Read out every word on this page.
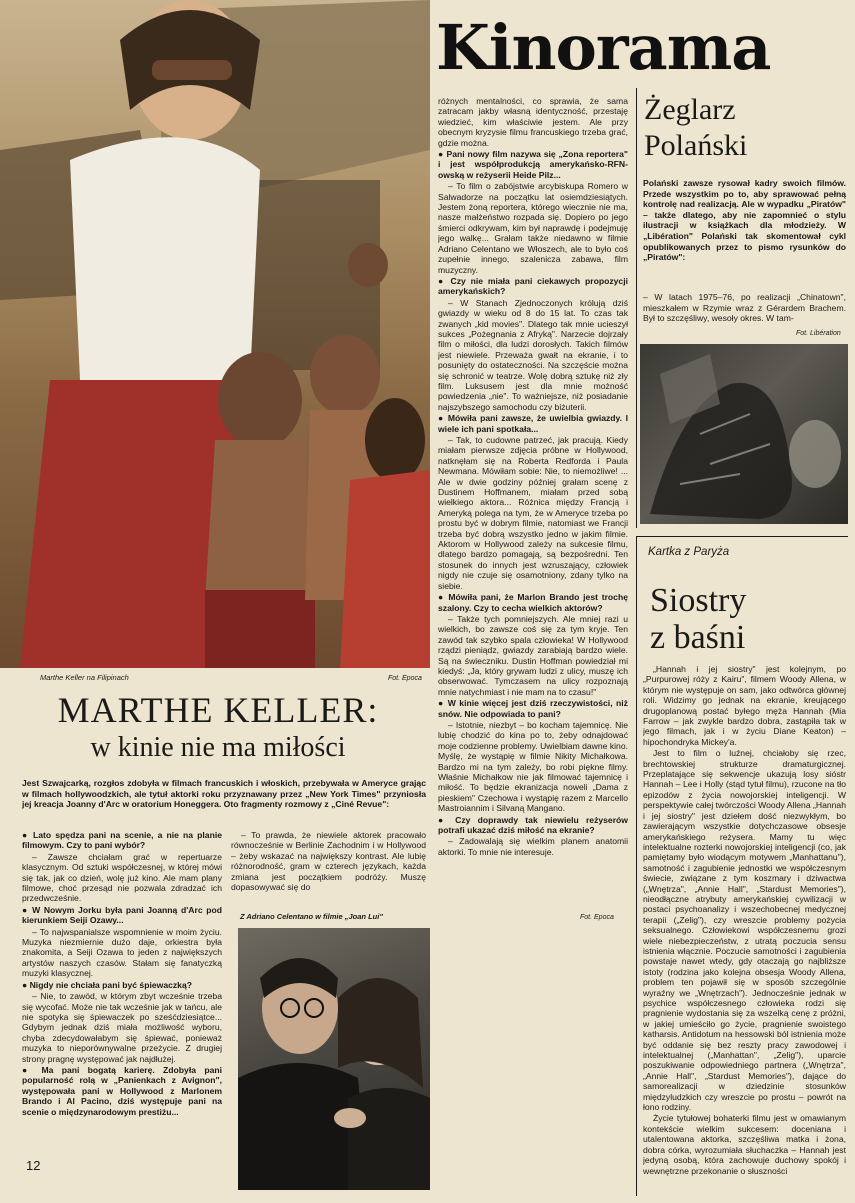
Marthe Keller na Filipinach	Fot. Epoca
Kinorama
MARTHE KELLER:
w kinie nie ma miłości
Jest Szwajcarką, rozgłos zdobyła w filmach francuskich i włoskich, przebywała w Ameryce grając w filmach hollywoodzkich, ale tytuł aktorki roku przyznawany przez „New York Times" przyniosła jej kreacja Joanny d'Arc w oratorium Honeggera. Oto fragmenty rozmowy z „Ciné Revue":

● Lato spędza pani na scenie, a nie na planie filmowym. Czy to pani wybór?

– Zawsze chciałam grać w repertuarze klasycznym. Od sztuki współczesnej, w której mówi się tak, jak co dzień, wolę już kino. Ale mam plany filmowe, choć przesąd nie pozwala zdradzać ich przedwcześnie.

● W Nowym Jorku była pani Joanną d'Arc pod kierunkiem Seiji Ozawy...

– To najwspanialsze wspomnienie w moim życiu. Muzyka niezmiernie dużo daje, orkiestra była znakomita, a Seiji Ozawa to jeden z największych artystów naszych czasów. Stałam się fanatyczką muzyki klasycznej.

● Nigdy nie chciała pani być śpiewaczką?

– Nie, to zawód, w którym zbyt wcześnie trzeba się wycofać. Może nie tak wcześnie jak w tańcu, ale nie spotyka się śpiewaczek po sześćdziesiątce... Gdybym jednak dziś miała możliwość wyboru, chyba zdecydowałabym się śpiewać, ponieważ muzyka to nieporównywalne przeżycie. Z drugiej strony pragnę występować jak najdłużej.

● Ma pani bogatą karierę. Zdobyła pani popularność rolą w „Panienkach z Avignon", występowała pani w Hollywood z Marlonem Brando i Al Pacino, dziś występuje pani na scenie o międzynarodowym prestiżu...

– To prawda, że niewiele aktorek pracowało równocześnie w Berlinie Zachodnim i w Hollywood – żeby wskazać na największy kontrast. Ale lubię różnorodność, gram w czterech językach, każda zmiana jest początkiem podróży. Muszę dopasowywać się do

Z Adriano Celentano w filmie „Joan Lui"

różnych mentalności, co sprawia, że sama zatracam jakby własną identyczność, przestaję wiedzieć, kim właściwie jestem. Ale przy obecnym kryzysie filmu francuskiego trzeba grać, gdzie można.

● Pani nowy film nazywa się „Zona reportera" i jest współprodukcją amerykańsko-RFN-owską w reżyserii Heide Pilz...

– To film o zabójstwie arcybiskupa Romero w Salwadorze na początku lat osiemdziesiątych. Jestem żoną reportera, którego wiecznie nie ma, nasze małżeństwo rozpada się. Dopiero po jego śmierci odkrywam, kim był naprawdę i podejmuję jego walkę... Grałam także niedawno w filmie Adriano Celentano we Włoszech, ale to było coś zupełnie innego, szalenicza zabawa, film muzyczny.

● Czy nie miała pani ciekawych propozycji amerykańskich?

– W Stanach Zjednoczonych królują dziś gwiazdy w wieku od 8 do 15 lat. To czas tak zwanych „kid movies". Dlatego tak mnie ucieszył sukces „Pożegnania z Afryką". Narzecie dojrzały film o miłości, dla ludzi dorosłych. Takich filmów jest niewiele. Przeważa gwałt na ekranie, i to posunięty do ostateczności. Na szczęście można się schronić w teatrze. Wolę dobrą sztukę niż zły film. Luksusem jest dla mnie możność powiedzenia „nie". To ważniejsze, niż posiadanie najszybszego samochodu czy biżuterii.

● Mówiła pani zawsze, że uwielbia gwiazdy. I wiele ich pani spotkała...

– Tak, to cudowne patrzeć, jak pracują. Kiedy miałam pierwsze zdjęcia próbne w Hollywood, natknęłam się na Roberta Redforda i Paula Newmana. Mówiłam sobie: Nie, to niemożliwe! ... Ale w dwie godziny później grałam scenę z Dustinem Hoffmanem, miałam przed sobą wielkiego aktora... Różnica między Francją i Ameryką polega na tym, że w Ameryce trzeba po prostu być w dobrym filmie, natomiast we Francji trzeba być dobrą wszystko jedno w jakim filmie. Aktorom w Hollywood zależy na sukcesie filmu, dlatego bardzo pomagają, są bezpośredni. Ten stosunek do innych jest wzruszający, człowiek nigdy nie czuje się osamotniony, zdany tylko na siebie.

● Mówiła pani, że Marlon Brando jest trochę szalony. Czy to cecha wielkich aktorów?

– Także tych pomniejszych. Ale mniej razi u wielkich, bo zawsze coś się za tym kryje. Ten zawód tak szybko spala człowieka! W Hollywood rządzi pieniądz, gwiazdy zarabiają bardzo wiele. Są na świeczniku. Dustin Hoffman powiedział mi kiedyś: „Ja, który grywam ludzi z ulicy, muszę ich obserwować. Tymczasem na ulicy rozpoznają mnie natychmiast i nie mam na to czasu!"

● W kinie więcej jest dziś rzeczywistości, niż snów. Nie odpowiada to pani?

– Istotnie, niezbyt – bo kocham tajemnicę. Nie lubię chodzić do kina po to, żeby odnajdować moje codzienne problemy. Uwielbiam dawne kino. Myślę, że wystąpię w filmie Nikity Michałkowa. Bardzo mi na tym zależy, bo robi piękne filmy. Właśnie Michałkow nie jak filmować tajemnicę i miłość. To będzie ekranizacja noweli „Dama z pieskiem" Czechowa i wystąpię razem z Marcello Mastroiannim i Silvaną Mangano.

● Czy doprawdy tak niewielu reżyserów potrafi ukazać dziś miłość na ekranie?

– Zadowalają się wielkim planem anatomii aktorki. To mnie nie interesuje.

Fot. Epoca
Żeglarz
Polański
Polański zawsze rysował kadry swoich filmów. Przede wszystkim po to, aby sprawować pełną kontrolę nad realizacją. Ale w wypadku „Piratów" – także dlatego, aby nie zapomnieć o stylu ilustracji w książkach dla młodzieży. W „Libération" Polański tak skomentował cykl opublikowanych przez to pismo rysunków do „Piratów":
– W latach 1975–76, po realizacji „Chinatown", mieszkałem w Rzymie wraz z Gérardem Brachem. Był to szczęśliwy, wesoły okres. W tam-
Fot. Libération
Kartka z Paryża
Siostry
z baśni

„Hannah i jej siostry" jest kolejnym, po „Purpurowej róży z Kairu", filmem Woody Allena, w którym nie występuje on sam, jako odtwórca głównej roli. Widzimy go jednak na ekranie, kreującego drugoplanową postać byłego męża Hannah (Mia Farrow – jak zwykle bardzo dobra, zastąpiła tak w jego filmach, jak i w życiu Diane Keaton) – hipochondryka Mickey'a.

Jest to film o luźnej, chciałoby się rzec, brechtowskiej strukturze dramaturgicznej. Przeplatające się sekwencje ukazują losy sióstr Hannah – Lee i Holly (stąd tytuł filmu), rzucone na tło epizodów z życia nowojorskiej inteligencji. W perspektywie całej twórczości Woody Allena „Hannah i jej siostry" jest dziełem dość niezwykłym, bo zawierającym wszystkie dotychczasowe obsesje amerykańskiego reżysera. Mamy tu więc intelektualne rozterki nowojorskiej inteligencji (co, jak pamiętamy było wiodącym motywem „Manhattanu"), samotność i zagubienie jednostki we współczesnym świecie, związane z tym koszmary i dziwactwa („Wnętrza", „Annie Hall", „Stardust Memories"), nieodłączne atrybuty amerykańskiej cywilizacji w postaci psychoanalizy i wszechobecnej medycznej terapii („Zelig"), czy wreszcie problemy pożycia seksualnego. Człowiekowi współczesnemu grozi wiele niebezpieczeństw, z utratą poczucia sensu istnienia włącznie. Poczucie samotności i zagubienia powstaje nawet wtedy, gdy otaczają go najbliższe istoty (rodzina jako kolejna obsesja Woody Allena, problem ten pojawił się w sposób szczególnie wyraźny we „Wnętrzach"). Jednocześnie jednak w psychice współczesnego człowieka rodzi się pragnienie wydostania się za wszelką cenę z próżni, w jakiej umieściło go życie, pragnienie swoistego katharsis. Antidotum na hessowski ból istnienia może być oddanie się bez reszty pracy zawodowej i intelektualnej („Manhattan", „Zelig"), uparcie poszukiwanie odpowiedniego partnera („Wnętrza", „Annie Hall", „Stardust Memories"), dające do samorealizacji w dziedzinie stosunków międzyludzkich czy wreszcie po prostu – powrót na łono rodziny.

Życie tytułowej bohaterki filmu jest w omawianym kontekście wielkim sukcesem: doceniana i utalentowana aktorka, szczęśliwa matka i żona, dobra córka, wyrozumiała słuchaczka – Hannah jest jedyną osobą, która zachowuje duchowy spokój i wewnętrzne przekonanie o słuszności

12
